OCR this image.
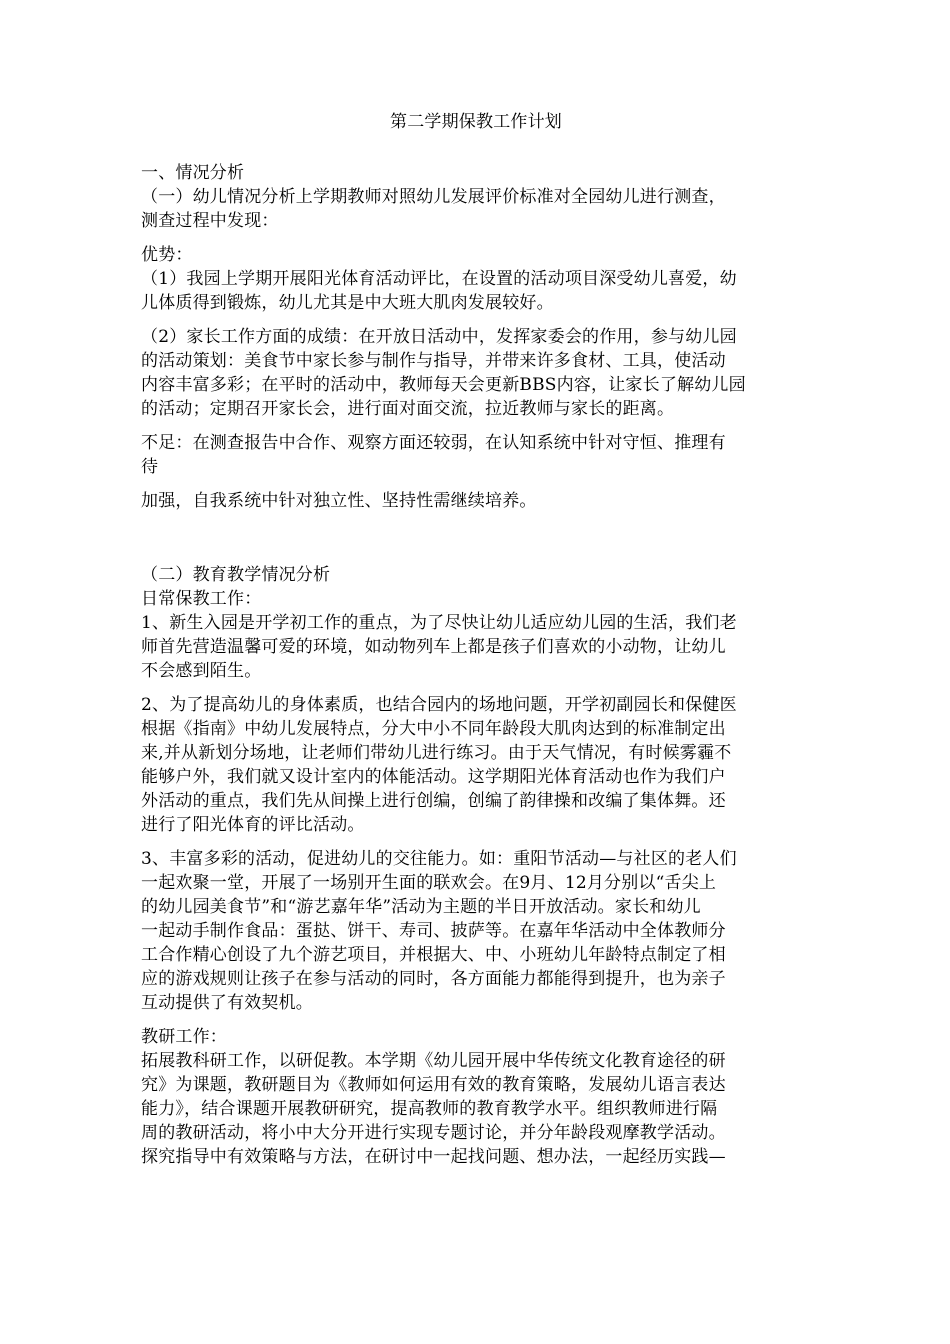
第二学期保教工作计划

一、情况分析

（一）幼儿情况分析上学期教师对照幼儿发展评价标准对全园幼儿进行测查，
测查过程中发现：

优势：

（1）我园上学期开展阳光体育活动评比，在设置的活动项目深受幼儿喜爱，幼
儿体质得到锻炼，幼儿尤其是中大班大肌肉发展较好。

（2）家长工作方面的成绩：在开放日活动中，发挥家委会的作用，参与幼儿园
的活动策划：美食节中家长参与制作与指导，并带来许多食材、工具，使活动
内容丰富多彩；在平时的活动中，教师每天会更新BBS内容，让家长了解幼儿园
的活动；定期召开家长会，进行面对面交流，拉近教师与家长的距离。

不足：在测查报告中合作、观察方面还较弱，在认知系统中针对守恒、推理有
待

加强，自我系统中针对独立性、坚持性需继续培养。

（二）教育教学情况分析

日常保教工作：

1、新生入园是开学初工作的重点，为了尽快让幼儿适应幼儿园的生活，我们老
师首先营造温馨可爱的环境，如动物列车上都是孩子们喜欢的小动物，让幼儿
不会感到陌生。

2、为了提高幼儿的身体素质，也结合园内的场地问题，开学初副园长和保健医
根据《指南》中幼儿发展特点，分大中小不同年龄段大肌肉达到的标准制定出
来,并从新划分场地，让老师们带幼儿进行练习。由于天气情况，有时候雾霾不
能够户外，我们就又设计室内的体能活动。这学期阳光体育活动也作为我们户
外活动的重点，我们先从间操上进行创编，创编了韵律操和改编了集体舞。还
进行了阳光体育的评比活动。

3、丰富多彩的活动，促进幼儿的交往能力。如：重阳节活动—与社区的老人们
一起欢聚一堂，开展了一场别开生面的联欢会。在9月、12月分别以“舌尖上
的幼儿园美食节”和“游艺嘉年华”活动为主题的半日开放活动。家长和幼儿
一起动手制作食品：蛋挞、饼干、寿司、披萨等。在嘉年华活动中全体教师分
工合作精心创设了九个游艺项目，并根据大、中、小班幼儿年龄特点制定了相
应的游戏规则让孩子在参与活动的同时，各方面能力都能得到提升，也为亲子
互动提供了有效契机。

教研工作：

拓展教科研工作，以研促教。本学期《幼儿园开展中华传统文化教育途径的研
究》为课题，教研题目为《教师如何运用有效的教育策略，发展幼儿语言表达
能力》，结合课题开展教研研究，提高教师的教育教学水平。组织教师进行隔
周的教研活动，将小中大分开进行实现专题讨论，并分年龄段观摩教学活动。
探究指导中有效策略与方法，在研讨中一起找问题、想办法，一起经历实践—
